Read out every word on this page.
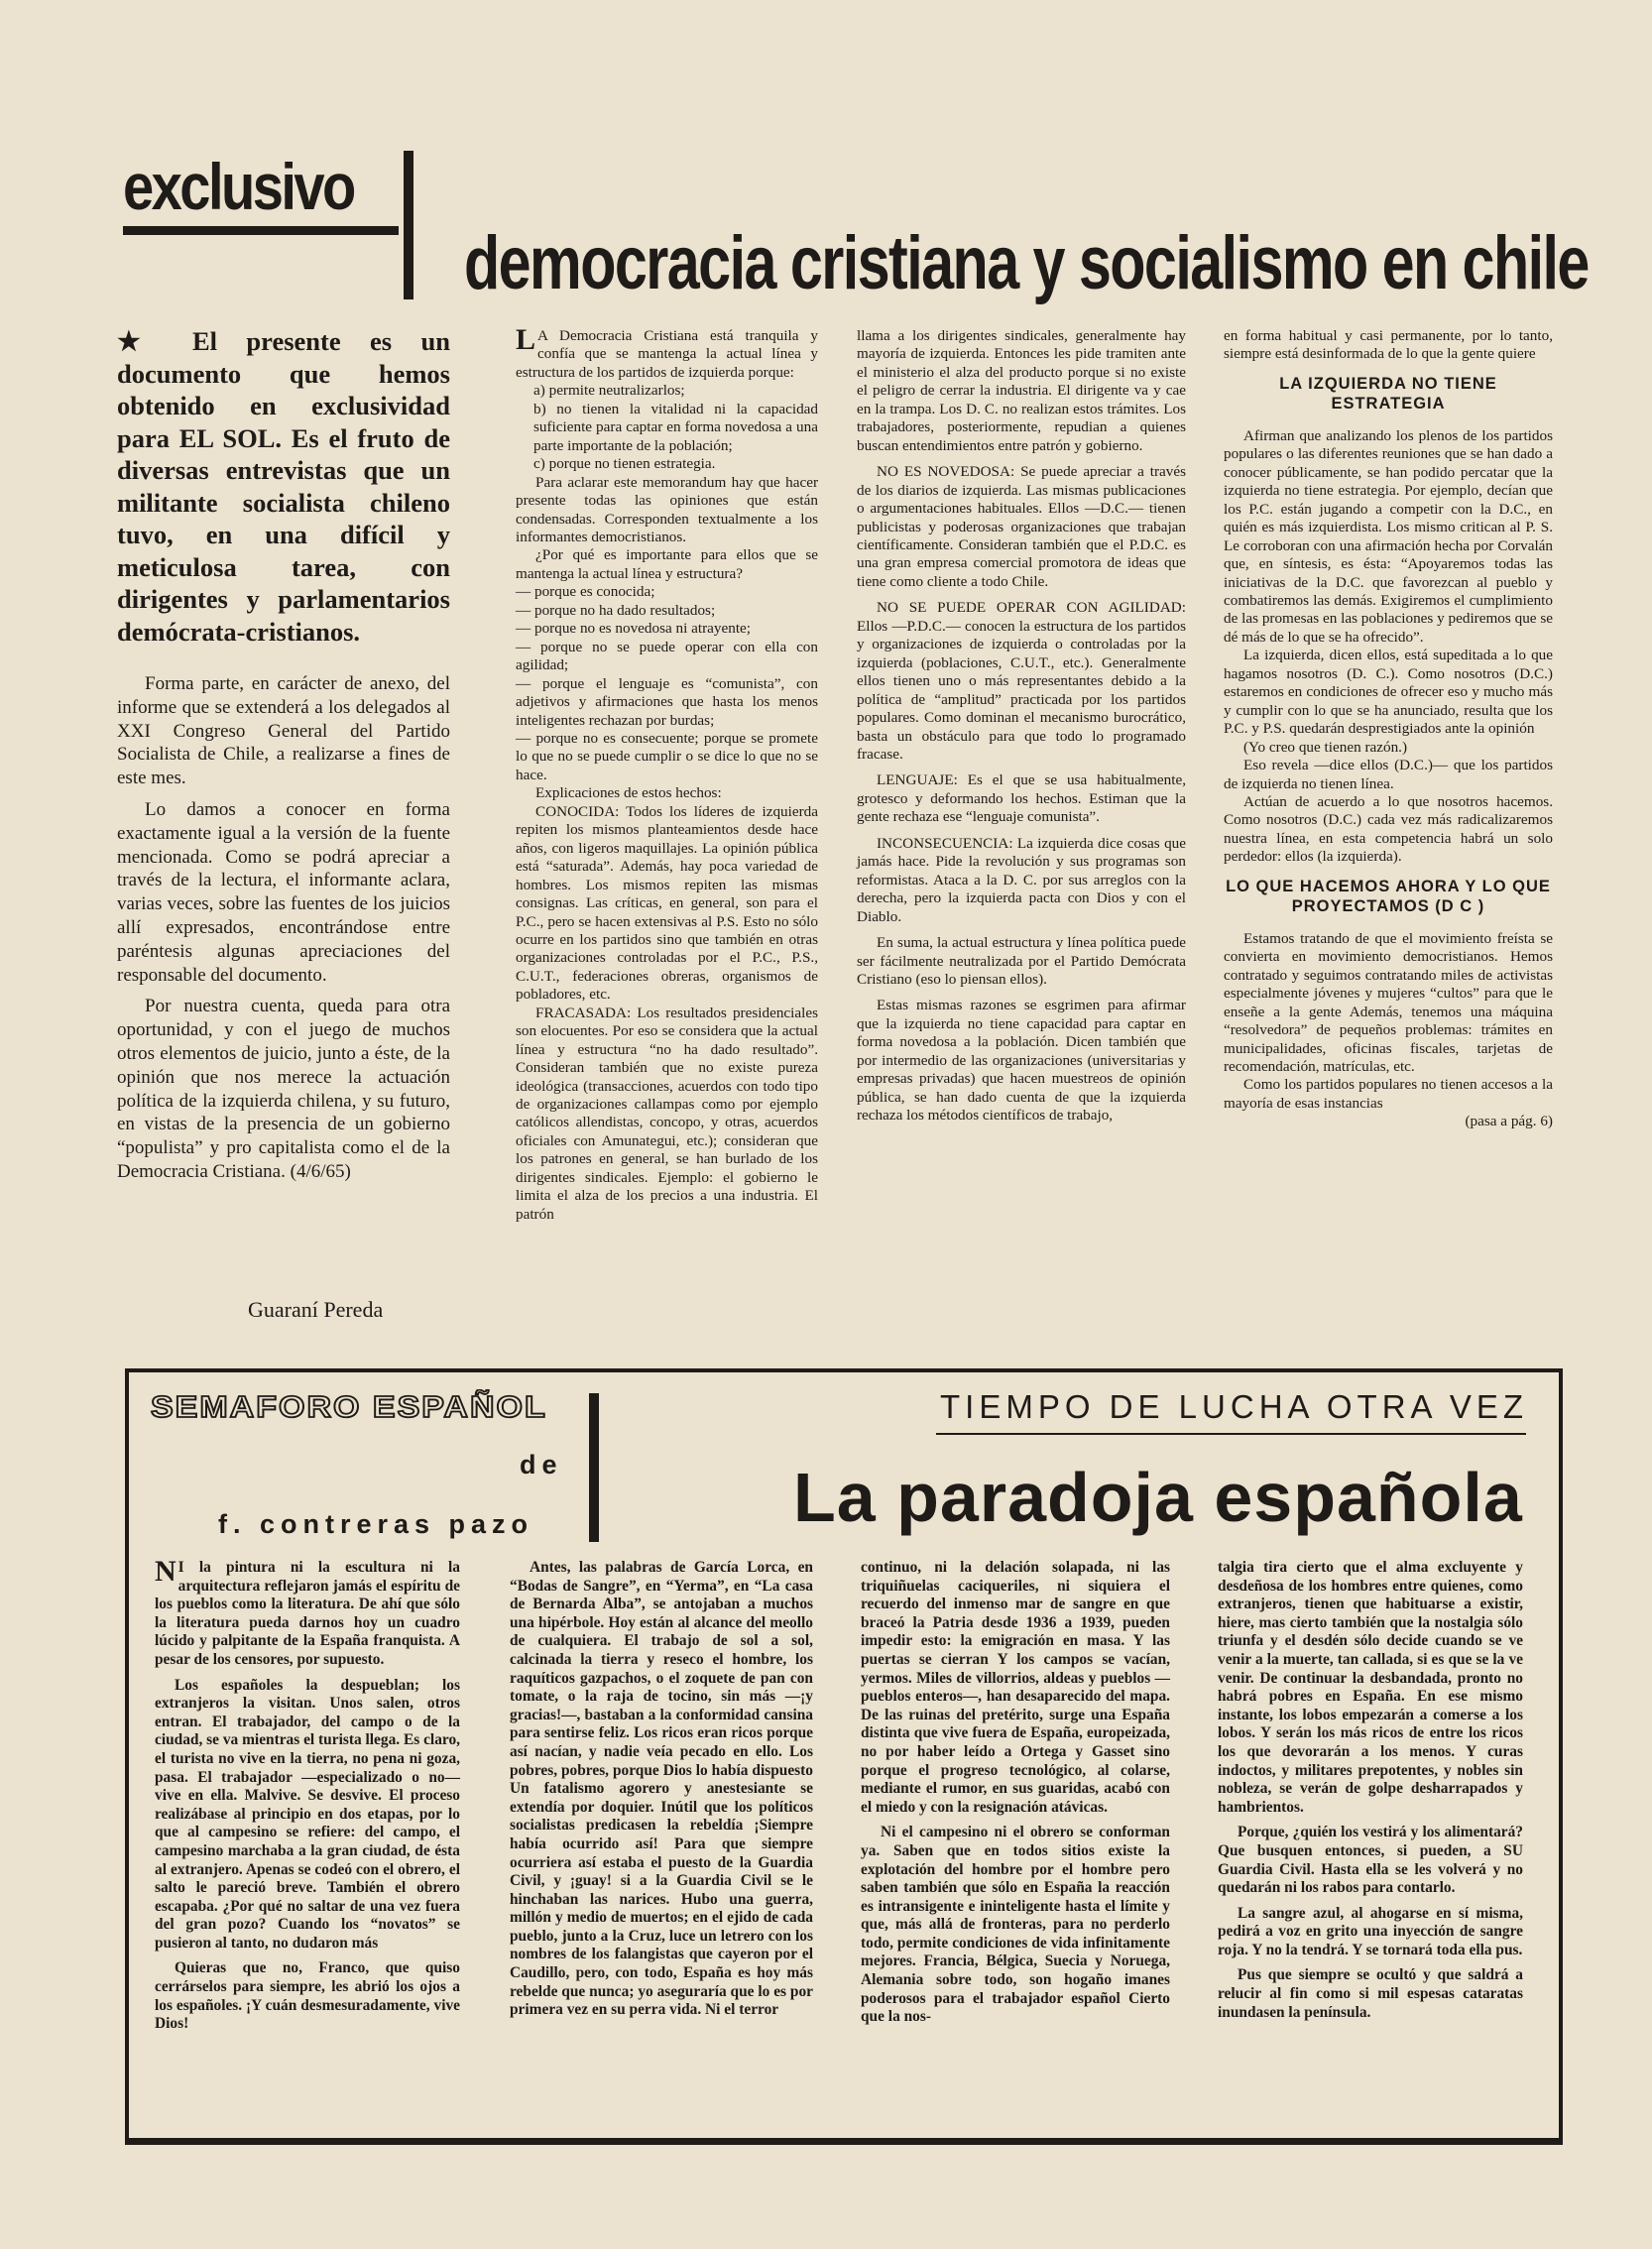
exclusivo
democracia cristiana y socialismo en chile
★ El presente es un documento que hemos obtenido en exclusividad para EL SOL. Es el fruto de diversas entrevistas que un militante socialista chileno tuvo, en una difícil y meticulosa tarea, con dirigentes y parlamentarios demócrata-cristianos.

Forma parte, en carácter de anexo, del informe que se extenderá a los delegados al XXI Congreso General del Partido Socialista de Chile, a realizarse a fines de este mes.

Lo damos a conocer en forma exactamente igual a la versión de la fuente mencionada. Como se podrá apreciar a través de la lectura, el informante aclara, varias veces, sobre las fuentes de los juicios allí expresados, encontrándose entre paréntesis algunas apreciaciones del responsable del documento.

Por nuestra cuenta, queda para otra oportunidad, y con el juego de muchos otros elementos de juicio, junto a éste, de la opinión que nos merece la actuación política de la izquierda chilena, y su futuro, en vistas de la presencia de un gobierno “populista” y pro capitalista como el de la Democracia Cristiana. (4/6/65)

Guaraní Pereda

L A Democracia Cristiana está tranquila y confía que se mantenga la actual línea y estructura de los partidos de izquierda porque:

a) permite neutralizarlos;

b) no tienen la vitalidad ni la capacidad suficiente para captar en forma novedosa a una parte importante de la población;

c) porque no tienen estrategia.

Para aclarar este memorandum hay que hacer presente todas las opiniones que están condensadas. Corresponden textualmente a los informantes democristianos.

¿Por qué es importante para ellos que se mantenga la actual línea y estructura?

— porque es conocida;

— porque no ha dado resultados;

— porque no es novedosa ni atrayente;

— porque no se puede operar con ella con agilidad;

— porque el lenguaje es “comunista”, con adjetivos y afirmaciones que hasta los menos inteligentes rechazan por burdas;

— porque no es consecuente; porque se promete lo que no se puede cumplir o se dice lo que no se hace.

Explicaciones de estos hechos:

CONOCIDA: Todos los líderes de izquierda repiten los mismos planteamientos desde hace años, con ligeros maquillajes. La opinión pública está “saturada”. Además, hay poca variedad de hombres. Los mismos repiten las mismas consignas. Las críticas, en general, son para el P.C., pero se hacen extensivas al P.S. Esto no sólo ocurre en los partidos sino que también en otras organizaciones controladas por el P.C., P.S., C.U.T., federaciones obreras, organismos de pobladores, etc.

FRACASADA: Los resultados presidenciales son elocuentes. Por eso se considera que la actual línea y estructura “no ha dado resultado”. Consideran también que no existe pureza ideológica (transacciones, acuerdos con todo tipo de organizaciones callampas como por ejemplo católicos allendistas, concopo, y otras, acuerdos oficiales con Amunategui, etc.); consideran que los patrones en general, se han burlado de los dirigentes sindicales. Ejemplo: el gobierno le limita el alza de los precios a una industria. El patrón

llama a los dirigentes sindicales, generalmente hay mayoría de izquierda. Entonces les pide tramiten ante el ministerio el alza del producto porque si no existe el peligro de cerrar la industria. El dirigente va y cae en la trampa. Los D. C. no realizan estos trámites. Los trabajadores, posteriormente, repudian a quienes buscan entendimientos entre patrón y gobierno.

NO ES NOVEDOSA: Se puede apreciar a través de los diarios de izquierda. Las mismas publicaciones o argumentaciones habituales. Ellos —D.C.— tienen publicistas y poderosas organizaciones que trabajan científicamente. Consideran también que el P.D.C. es una gran empresa comercial promotora de ideas que tiene como cliente a todo Chile.

NO SE PUEDE OPERAR CON AGILIDAD: Ellos —P.D.C.— conocen la estructura de los partidos y organizaciones de izquierda o controladas por la izquierda (poblaciones, C.U.T., etc.). Generalmente ellos tienen uno o más representantes debido a la política de “amplitud” practicada por los partidos populares. Como dominan el mecanismo burocrático, basta un obstáculo para que todo lo programado fracase.

LENGUAJE: Es el que se usa habitualmente, grotesco y deformando los hechos. Estiman que la gente rechaza ese “lenguaje comunista”.

INCONSECUENCIA: La izquierda dice cosas que jamás hace. Pide la revolución y sus programas son reformistas. Ataca a la D. C. por sus arreglos con la derecha, pero la izquierda pacta con Dios y con el Diablo.

En suma, la actual estructura y línea política puede ser fácilmente neutralizada por el Partido Demócrata Cristiano (eso lo piensan ellos).

Estas mismas razones se esgrimen para afirmar que la izquierda no tiene capacidad para captar en forma novedosa a la población. Dicen también que por intermedio de las organizaciones (universitarias y empresas privadas) que hacen muestreos de opinión pública, se han dado cuenta de que la izquierda rechaza los métodos científicos de trabajo,

en forma habitual y casi permanente, por lo tanto, siempre está desinformada de lo que la gente quiere

LA IZQUIERDA NO TIENE ESTRATEGIA

Afirman que analizando los plenos de los partidos populares o las diferentes reuniones que se han dado a conocer públicamente, se han podido percatar que la izquierda no tiene estrategia. Por ejemplo, decían que los P.C. están jugando a competir con la D.C., en quién es más izquierdista. Los mismo critican al P. S. Le corroboran con una afirmación hecha por Corvalán que, en síntesis, es ésta: “Apoyaremos todas las iniciativas de la D.C. que favorezcan al pueblo y combatiremos las demás. Exigiremos el cumplimiento de las promesas en las poblaciones y pediremos que se dé más de lo que se ha ofrecido”.

La izquierda, dicen ellos, está supeditada a lo que hagamos nosotros (D. C.). Como nosotros (D.C.) estaremos en condiciones de ofrecer eso y mucho más y cumplir con lo que se ha anunciado, resulta que los P.C. y P.S. quedarán desprestigiados ante la opinión

(Yo creo que tienen razón.)

Eso revela —dice ellos (D.C.)— que los partidos de izquierda no tienen línea.

Actúan de acuerdo a lo que nosotros hacemos. Como nosotros (D.C.) cada vez más radicalizaremos nuestra línea, en esta competencia habrá un solo perdedor: ellos (la izquierda).

LO QUE HACEMOS AHORA Y LO QUE PROYECTAMOS (D C )

Estamos tratando de que el movimiento freísta se convierta en movimiento democristianos. Hemos contratado y seguimos contratando miles de activistas especialmente jóvenes y mujeres “cultos” para que le enseñe a la gente Además, tenemos una máquina “resolvedora” de pequeños problemas: trámites en municipalidades, oficinas fiscales, tarjetas de recomendación, matrículas, etc.

Como los partidos populares no tienen accesos a la mayoría de esas instancias

(pasa a pág. 6)

SEMAFORO ESPAÑOL
de
f. contreras pazo
TIEMPO DE LUCHA OTRA VEZ
La paradoja española

N I la pintura ni la escultura ni la arquitectura reflejaron jamás el espíritu de los pueblos como la literatura. De ahí que sólo la literatura pueda darnos hoy un cuadro lúcido y palpitante de la España franquista. A pesar de los censores, por supuesto.

Los españoles la despueblan; los extranjeros la visitan. Unos salen, otros entran. El trabajador, del campo o de la ciudad, se va mientras el turista llega. Es claro, el turista no vive en la tierra, no pena ni goza, pasa. El trabajador —especializado o no— vive en ella. Malvive. Se desvive. El proceso realizábase al principio en dos etapas, por lo que al campesino se refiere: del campo, el campesino marchaba a la gran ciudad, de ésta al extranjero. Apenas se codeó con el obrero, el salto le pareció breve. También el obrero escapaba. ¿Por qué no saltar de una vez fuera del gran pozo? Cuando los “novatos” se pusieron al tanto, no dudaron más

Quieras que no, Franco, que quiso cerrárselos para siempre, les abrió los ojos a los españoles. ¡Y cuán desmesuradamente, vive Dios!

Antes, las palabras de García Lorca, en “Bodas de Sangre”, en “Yerma”, en “La casa de Bernarda Alba”, se antojaban a muchos una hipérbole. Hoy están al alcance del meollo de cualquiera. El trabajo de sol a sol, calcinada la tierra y reseco el hombre, los raquíticos gazpachos, o el zoquete de pan con tomate, o la raja de tocino, sin más —¡y gracias!—, bastaban a la conformidad cansina para sentirse feliz. Los ricos eran ricos porque así nacían, y nadie veía pecado en ello. Los pobres, pobres, porque Dios lo había dispuesto Un fatalismo agorero y anestesiante se extendía por doquier. Inútil que los políticos socialistas predicasen la rebeldía ¡Siempre había ocurrido así! Para que siempre ocurriera así estaba el puesto de la Guardia Civil, y ¡guay! si a la Guardia Civil se le hinchaban las narices. Hubo una guerra, millón y medio de muertos; en el ejido de cada pueblo, junto a la Cruz, luce un letrero con los nombres de los falangistas que cayeron por el Caudillo, pero, con todo, España es hoy más rebelde que nunca; yo aseguraría que lo es por primera vez en su perra vida. Ni el terror

continuo, ni la delación solapada, ni las triquiñuelas caciqueriles, ni siquiera el recuerdo del inmenso mar de sangre en que braceó la Patria desde 1936 a 1939, pueden impedir esto: la emigración en masa. Y las puertas se cierran Y los campos se vacían, yermos. Miles de villorrios, aldeas y pueblos —pueblos enteros—, han desaparecido del mapa. De las ruinas del pretérito, surge una España distinta que vive fuera de España, europeizada, no por haber leído a Ortega y Gasset sino porque el progreso tecnológico, al colarse, mediante el rumor, en sus guaridas, acabó con el miedo y con la resignación atávicas.

Ni el campesino ni el obrero se conforman ya. Saben que en todos sitios existe la explotación del hombre por el hombre pero saben también que sólo en España la reacción es intransigente e ininteligente hasta el límite y que, más allá de fronteras, para no perderlo todo, permite condiciones de vida infinitamente mejores. Francia, Bélgica, Suecia y Noruega, Alemania sobre todo, son hogaño imanes poderosos para el trabajador español Cierto que la nos-

talgia tira cierto que el alma excluyente y desdeñosa de los hombres entre quienes, como extranjeros, tienen que habituarse a existir, hiere, mas cierto también que la nostalgia sólo triunfa y el desdén sólo decide cuando se ve venir a la muerte, tan callada, si es que se la ve venir. De continuar la desbandada, pronto no habrá pobres en España. En ese mismo instante, los lobos empezarán a comerse a los lobos. Y serán los más ricos de entre los ricos los que devorarán a los menos. Y curas indoctos, y militares prepotentes, y nobles sin nobleza, se verán de golpe desharrapados y hambrientos.

Porque, ¿quién los vestirá y los alimentará? Que busquen entonces, si pueden, a SU Guardia Civil. Hasta ella se les volverá y no quedarán ni los rabos para contarlo.

La sangre azul, al ahogarse en sí misma, pedirá a voz en grito una inyección de sangre roja. Y no la tendrá. Y se tornará toda ella pus.

Pus que siempre se ocultó y que saldrá a relucir al fin como si mil espesas cataratas inundasen la península.
